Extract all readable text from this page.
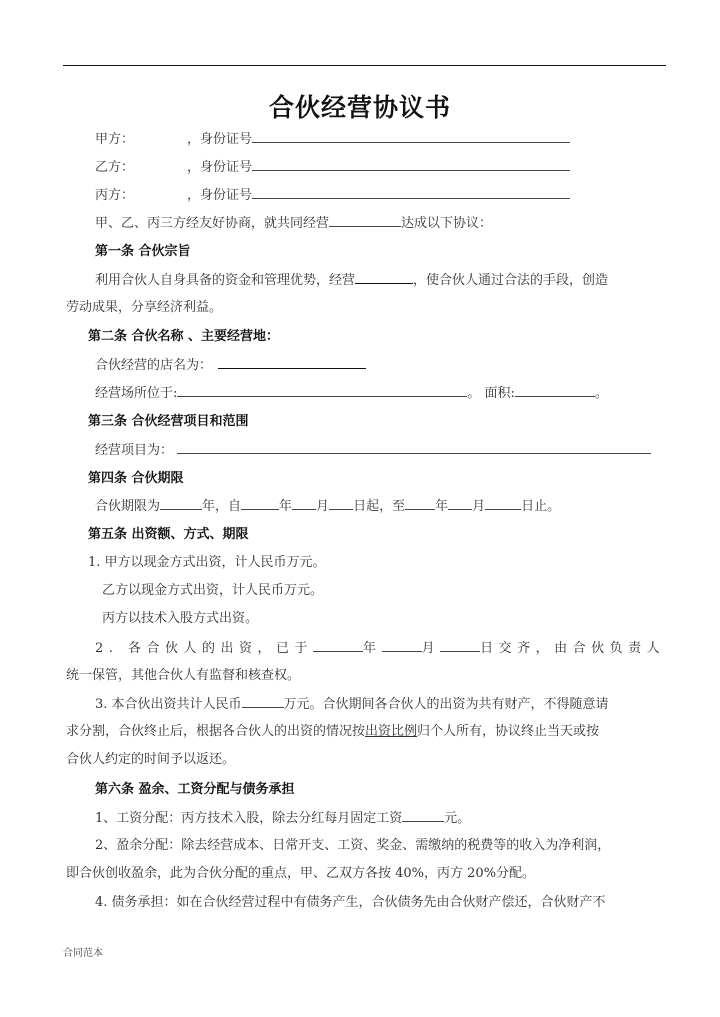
合伙经营协议书
甲方：	，身份证号
乙方：	，身份证号
丙方：	，身份证号
甲、乙、丙三方经友好协商，就共同经营	达成以下协议：
第一条 合伙宗旨
利用合伙人自身具备的资金和管理优势，经营	，使合伙人通过合法的手段，创造
劳动成果，分享经济利益。
第二条 合伙名称 、主要经营地：
合伙经营的店名为：
经营场所位于:	。 面积:	。
第三条 合伙经营项目和范围
经营项目为：
第四条 合伙期限
合伙期限为	年，自	年 月 日起，至 年 月	日止。
第五条 出资额、方式、期限
1. 甲方以现金方式出资，计人民币万元。
乙方以现金方式出资，计人民币万元。
丙方以技术入股方式出资。
2. 各合伙人的出资，已于	年	月	日交齐，由合伙负责人
统一保管，其他合伙人有监督和核查权。
3. 本合伙出资共计人民币	万元。合伙期间各合伙人的出资为共有财产，不得随意请
求分割，合伙终止后，根据各合伙人的出资的情况按出资比例归个人所有，协议终止当天或按
合伙人约定的时间予以返还。
第六条 盈余、工资分配与债务承担
1、工资分配：丙方技术入股，除去分红每月固定工资	元。
2、盈余分配：除去经营成本、日常开支、工资、奖金、需缴纳的税费等的收入为净利润，
即合伙创收盈余，此为合伙分配的重点，甲、乙双方各按 40%，丙方 20%分配。
4. 债务承担：如在合伙经营过程中有债务产生，合伙债务先由合伙财产偿还，合伙财产不
合同范本
